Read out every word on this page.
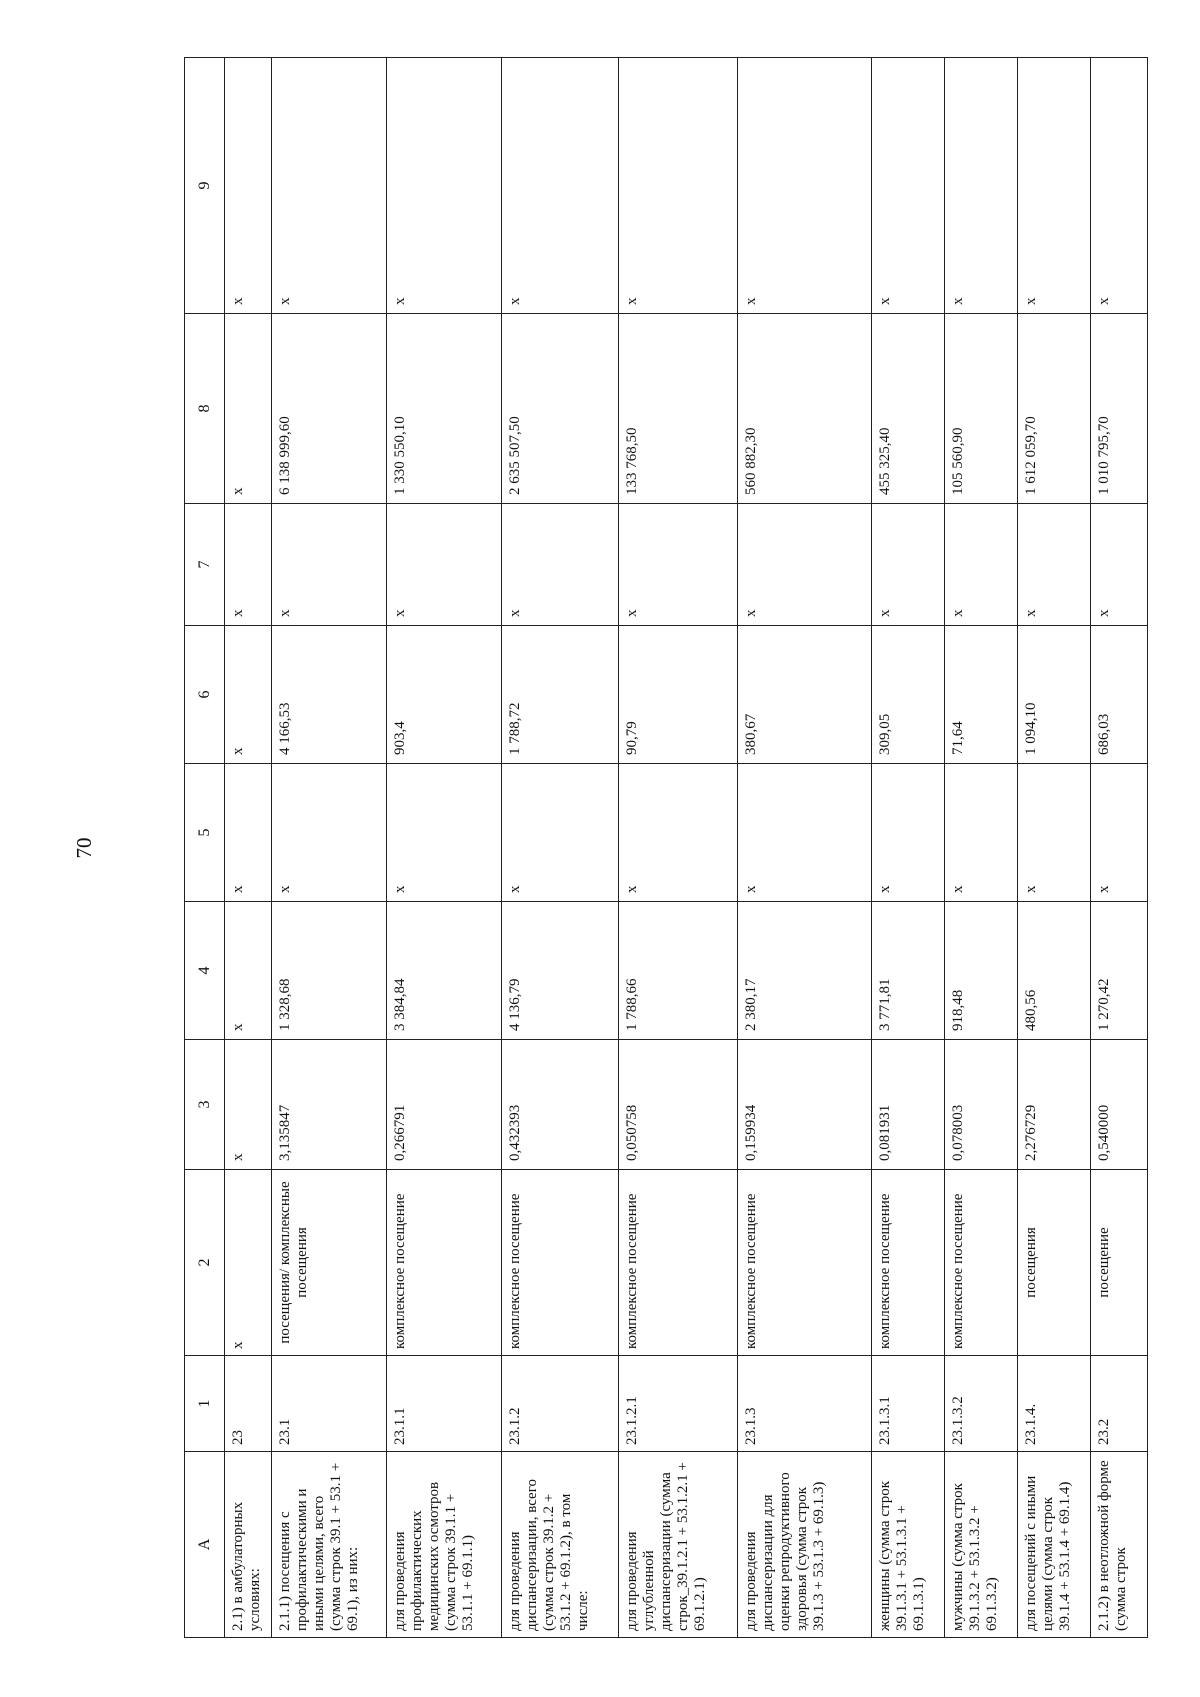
70
A	1	2	3	4	5	6	7	8	9
2.1) в амбулаторных условиях:	23	x	x	x	x	x	x	x	x
2.1.1) посещения с профилактическими и иными целями, всего (сумма строк 39.1 + 53.1 + 69.1), из них:	23.1	посещения/ комплексные посещения	3,135847	1 328,68	x	4 166,53	x	6 138 999,60	x
для проведения профилактических медицинских осмотров (сумма строк 39.1.1 + 53.1.1 + 69.1.1)	23.1.1	комплексное посещение	0,266791	3 384,84	x	903,4	x	1 330 550,10	x
для проведения диспансеризации, всего (сумма строк 39.1.2 + 53.1.2 + 69.1.2), в том числе:	23.1.2	комплексное посещение	0,432393	4 136,79	x	1 788,72	x	2 635 507,50	x
для проведения углубленной диспансеризации (сумма строк_39.1.2.1 + 53.1.2.1 + 69.1.2.1)	23.1.2.1	комплексное посещение	0,050758	1 788,66	x	90,79	x	133 768,50	x
для проведения диспансеризации для оценки репродуктивного здоровья (сумма строк 39.1.3 + 53.1.3 + 69.1.3)	23.1.3	комплексное посещение	0,159934	2 380,17	x	380,67	x	560 882,30	x
женщины (сумма строк 39.1.3.1 + 53.1.3.1 + 69.1.3.1)	23.1.3.1	комплексное посещение	0,081931	3 771,81	x	309,05	x	455 325,40	x
мужчины (сумма строк 39.1.3.2 + 53.1.3.2 + 69.1.3.2)	23.1.3.2	комплексное посещение	0,078003	918,48	x	71,64	x	105 560,90	x
для посещений с иными целями (сумма строк 39.1.4 + 53.1.4 + 69.1.4)	23.1.4.	посещения	2,276729	480,56	x	1 094,10	x	1 612 059,70	x
2.1.2) в неотложной форме (сумма строк	23.2	посещение	0,540000	1 270,42	x	686,03	x	1 010 795,70	x
